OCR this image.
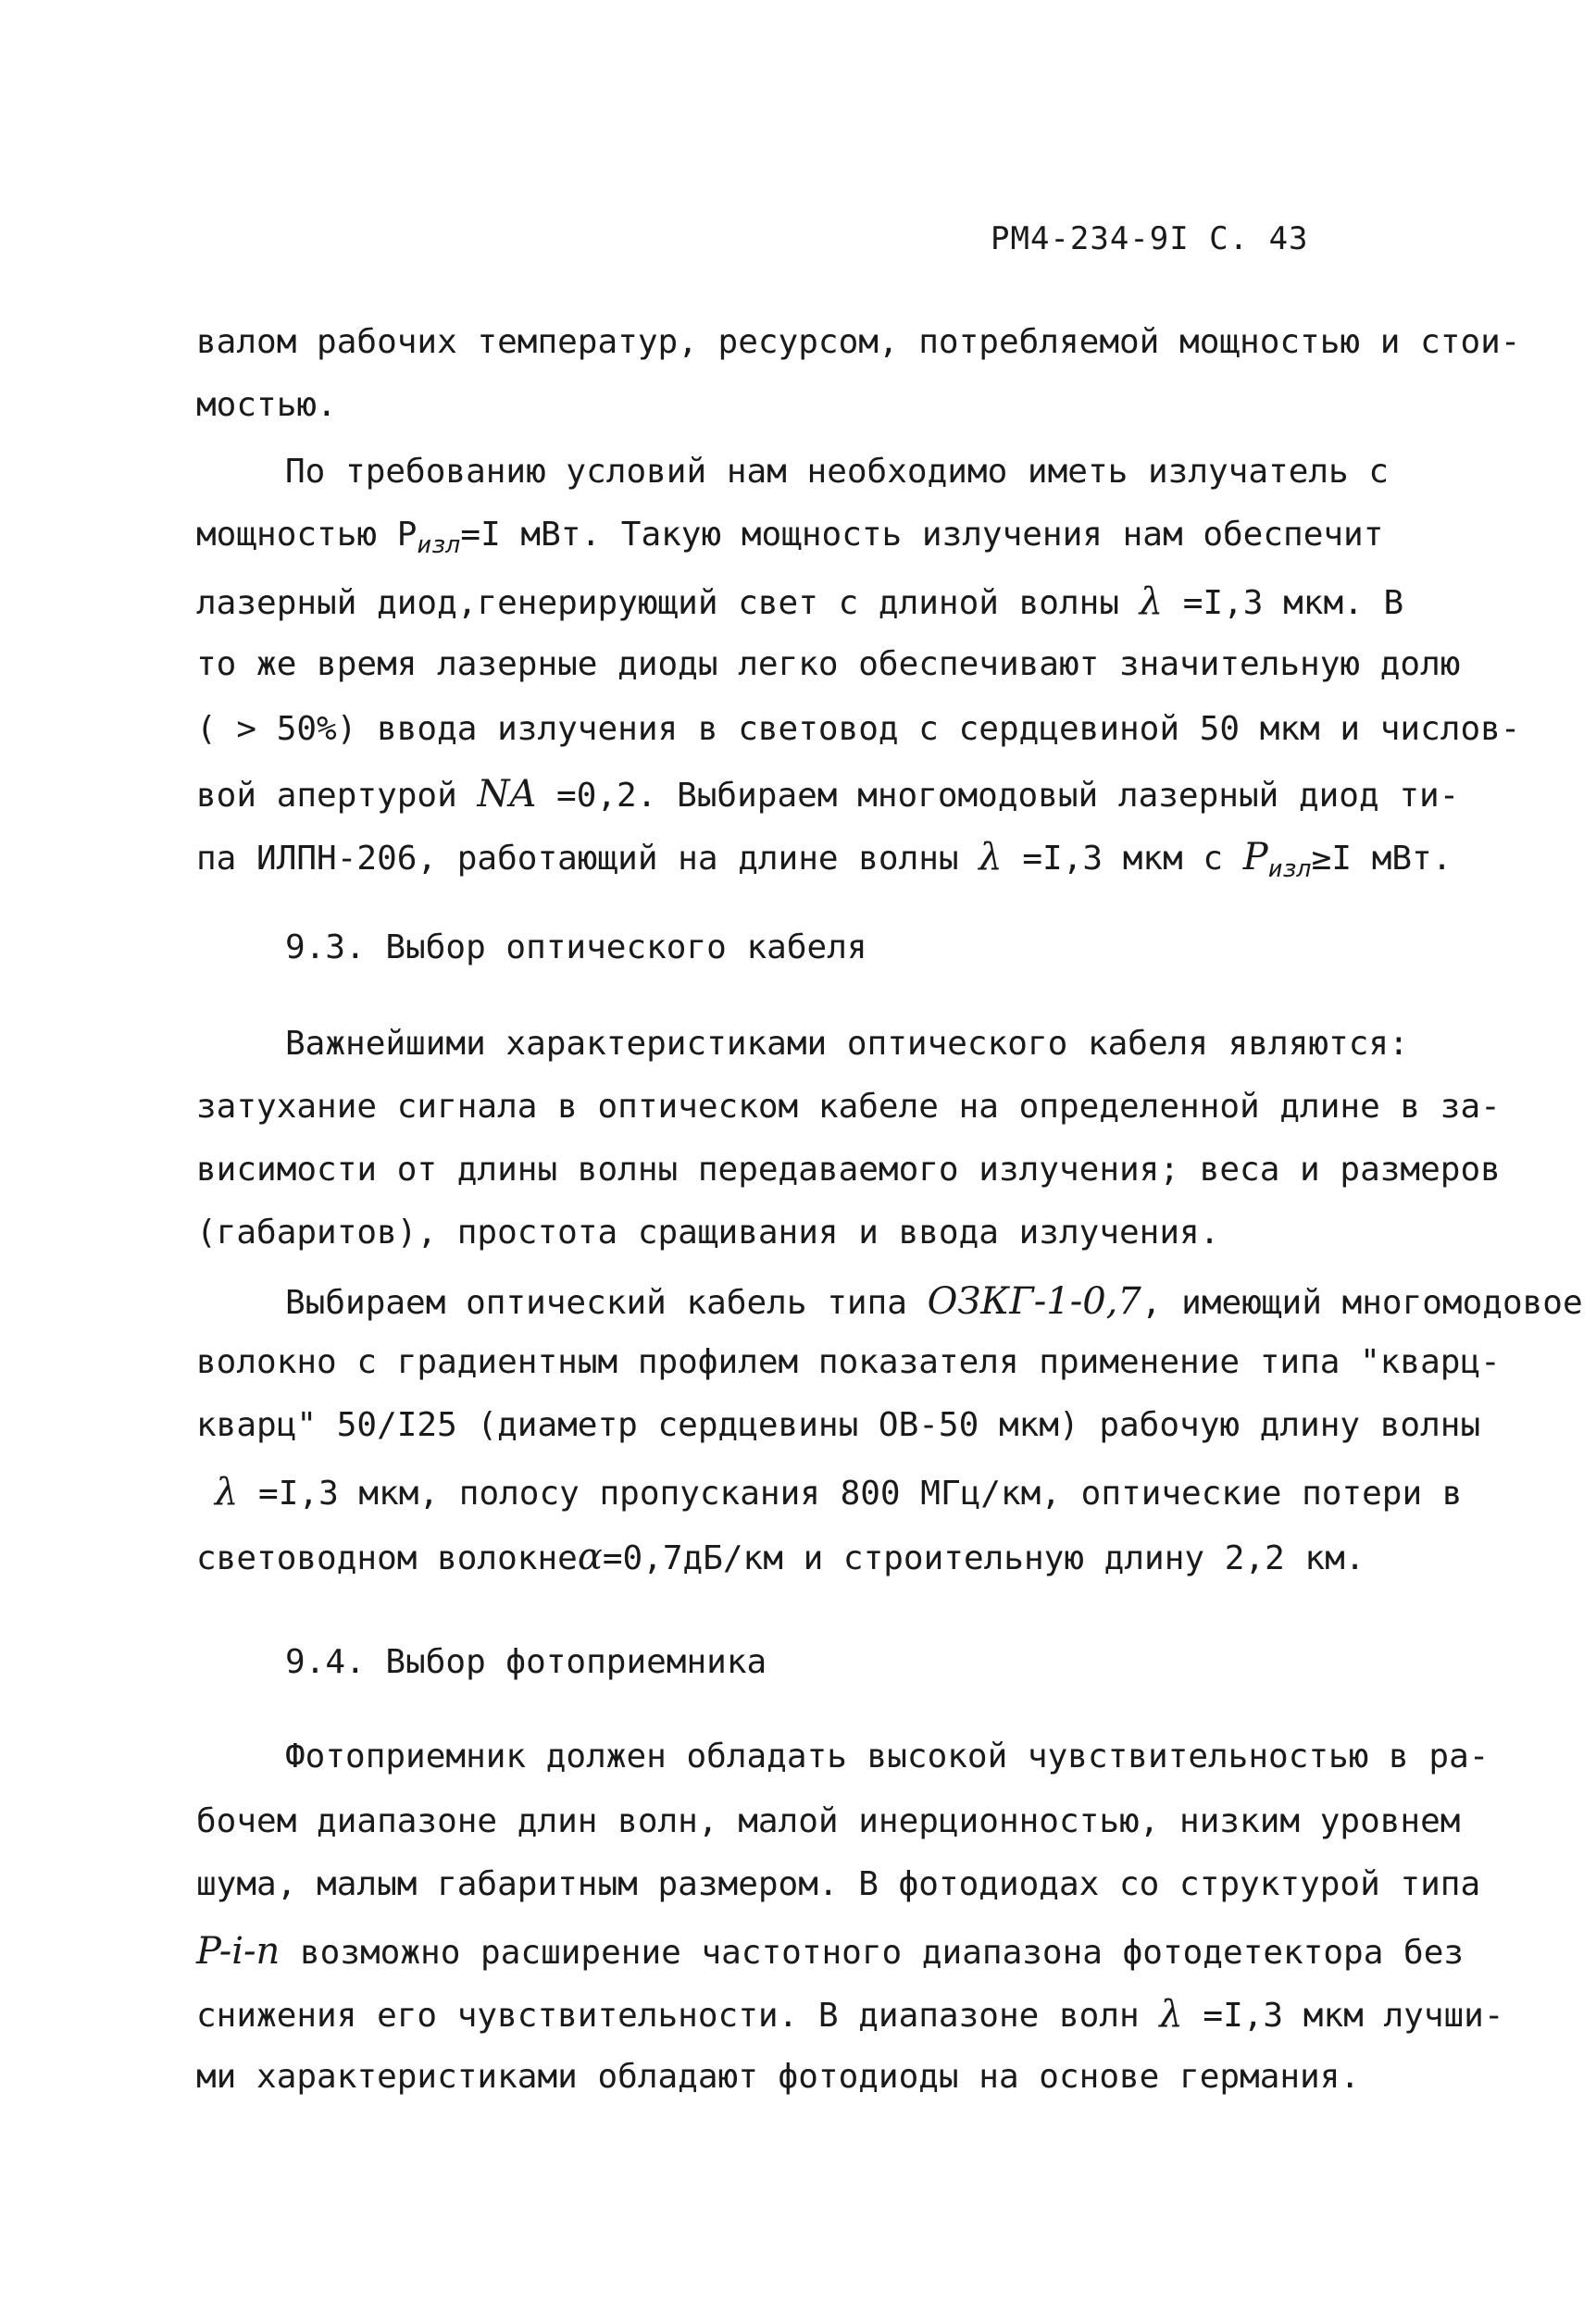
РМ4-234-9I С. 43
валом рабочих температур, ресурсом, потребляемой мощностью и стои-
мостью.
По требованию условий нам необходимо иметь излучатель с
мощностью $P_{изл}=I$ мВт. Такую мощность излучения нам обеспечит
лазерный диод,генерирующий свет с длиной волны λ =I,3 мкм. В
то же время лазерные диоды легко обеспечивают значительную долю
( > 50%) ввода излучения в световод с сердцевиной 50 мкм и числов-
вой апертурой NA =0,2. Выбираем многомодовый лазерный диод ти-
па ИЛПН-206, работающий на длине волны λ =I,3 мкм с $P_{изл}\ge I$ мВт.
9.3. Выбор оптического кабеля
Важнейшими характеристиками оптического кабеля являются:
затухание сигнала в оптическом кабеле на определенной длине в за-
висимости от длины волны передаваемого излучения; веса и размеров
(габаритов), простота сращивания и ввода излучения.
Выбираем оптический кабель типа ОЗКГ-1-0,7, имеющий многомодовое
волокно с градиентным профилем показателя применение типа "кварц-
кварц" 50/I25 (диаметр сердцевины ОВ-50 мкм) рабочую длину волны
λ =I,3 мкм, полосу пропускания 800 МГц/км, оптические потери в
световодном волокнеα=0,7дБ/км и строительную длину 2,2 км.
9.4. Выбор фотоприемника
Фотоприемник должен обладать высокой чувствительностью в ра-
бочем диапазоне длин волн, малой инерционностью, низким уровнем
шума, малым габаритным размером. В фотодиодах со структурой типа
P-i-n возможно расширение частотного диапазона фотодетектора без
снижения его чувствительности. В диапазоне волн λ =I,3 мкм лучши-
ми характеристиками обладают фотодиоды на основе германия.
